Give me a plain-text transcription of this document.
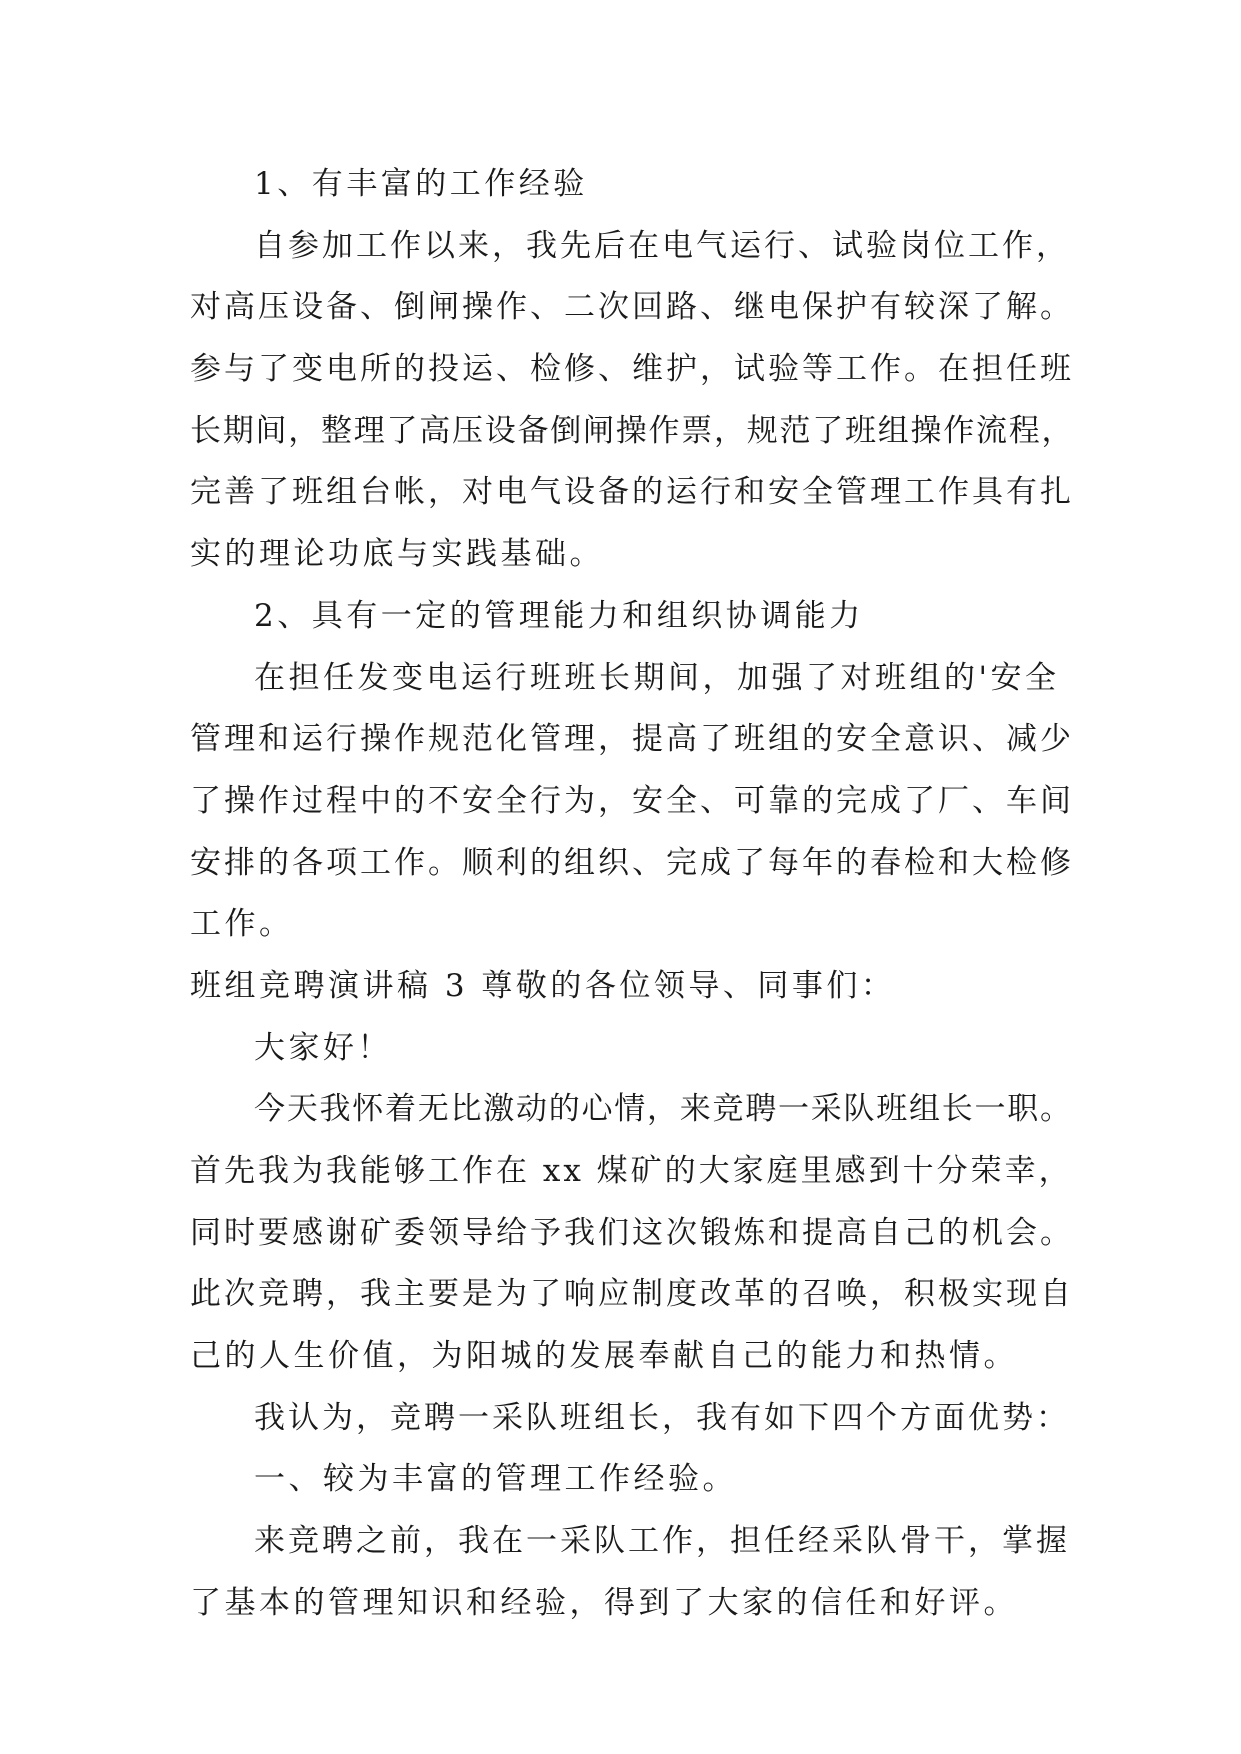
1、有丰富的工作经验
自参加工作以来，我先后在电气运行、试验岗位工作，
对高压设备、倒闸操作、二次回路、继电保护有较深了解。
参与了变电所的投运、检修、维护，试验等工作。在担任班
长期间，整理了高压设备倒闸操作票，规范了班组操作流程，
完善了班组台帐，对电气设备的运行和安全管理工作具有扎
实的理论功底与实践基础。
2、具有一定的管理能力和组织协调能力
在担任发变电运行班班长期间，加强了对班组的'安全
管理和运行操作规范化管理，提高了班组的安全意识、减少
了操作过程中的不安全行为，安全、可靠的完成了厂、车间
安排的各项工作。顺利的组织、完成了每年的春检和大检修
工作。
班组竞聘演讲稿 3 尊敬的各位领导、同事们：
大家好！
今天我怀着无比激动的心情，来竞聘一采队班组长一职。
首先我为我能够工作在 xx 煤矿的大家庭里感到十分荣幸，
同时要感谢矿委领导给予我们这次锻炼和提高自己的机会。
此次竞聘，我主要是为了响应制度改革的召唤，积极实现自
己的人生价值，为阳城的发展奉献自己的能力和热情。
我认为，竞聘一采队班组长，我有如下四个方面优势：
一、较为丰富的管理工作经验。
来竞聘之前，我在一采队工作，担任经采队骨干，掌握
了基本的管理知识和经验，得到了大家的信任和好评。
